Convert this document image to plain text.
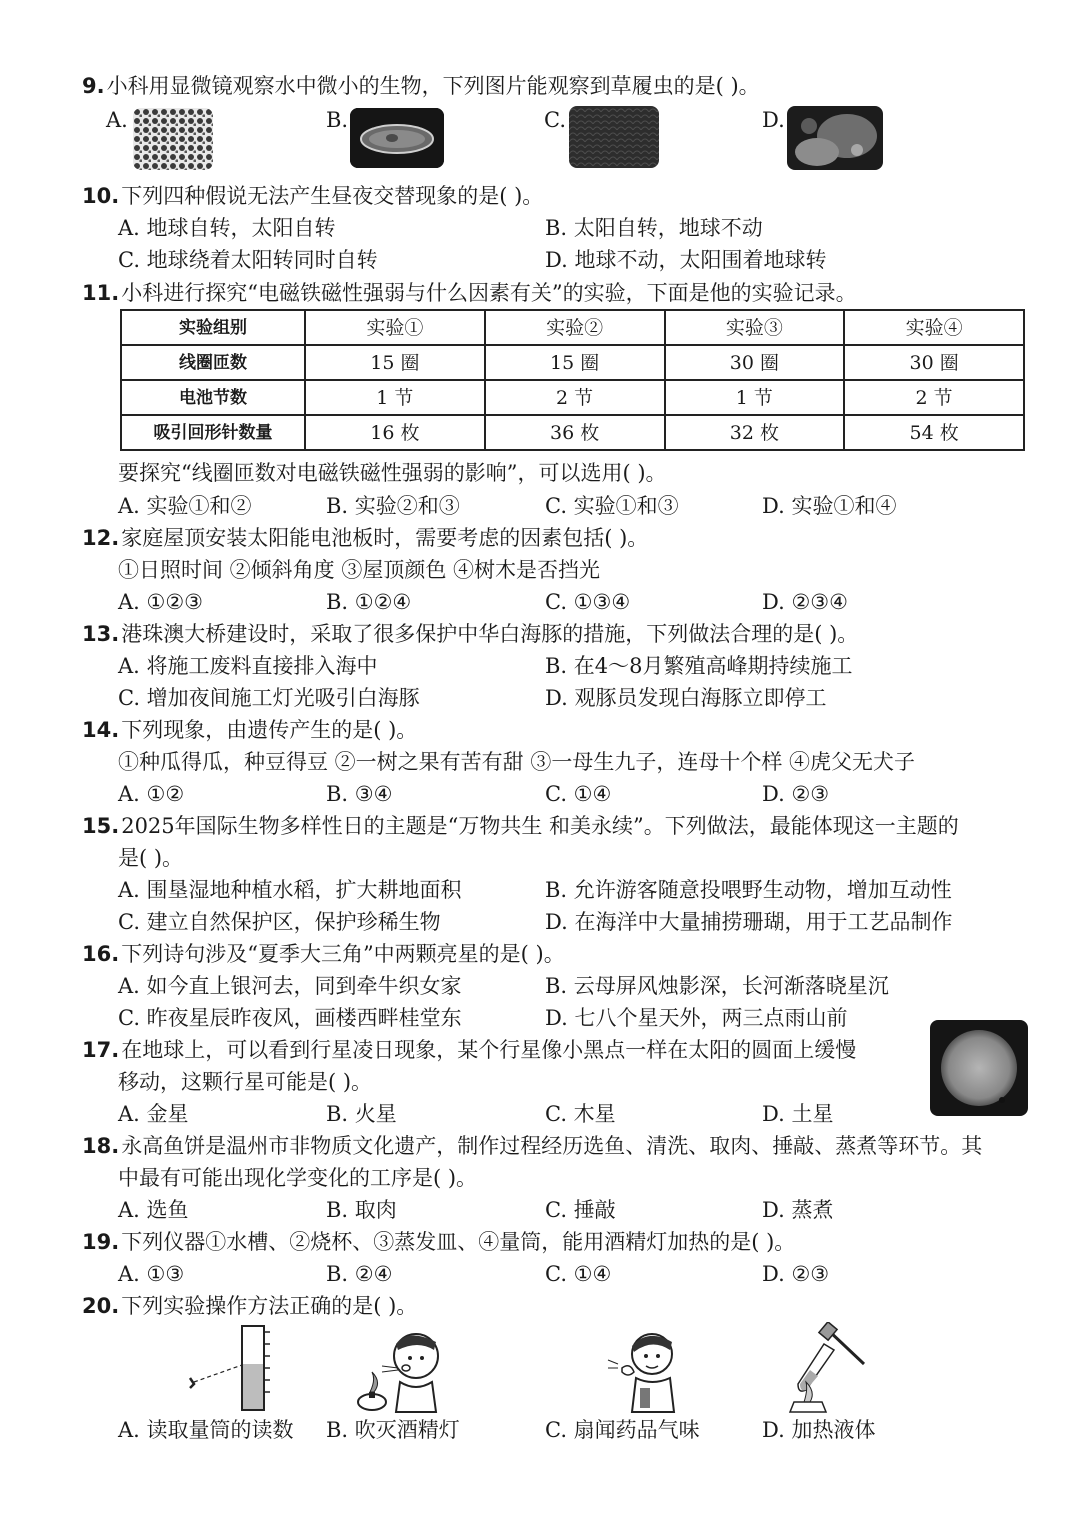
9.小科用显微镜观察水中微小的生物，下列图片能观察到草履虫的是( )。
A.	B.	C.	D.
10.下列四种假说无法产生昼夜交替现象的是( )。
A. 地球自转，太阳自转	B. 太阳自转，地球不动
C. 地球绕着太阳转同时自转	D. 地球不动，太阳围着地球转
11.小科进行探究“电磁铁磁性强弱与什么因素有关”的实验，下面是他的实验记录。
实验组别	实验①	实验②	实验③	实验④
线圈匝数	15 圈	15 圈	30 圈	30 圈
电池节数	1 节	2 节	1 节	2 节
吸引回形针数量	16 枚	36 枚	32 枚	54 枚
要探究“线圈匝数对电磁铁磁性强弱的影响”，可以选用( )。
A. 实验①和②	B. 实验②和③	C. 实验①和③	D. 实验①和④
12.家庭屋顶安装太阳能电池板时，需要考虑的因素包括( )。
①日照时间 ②倾斜角度 ③屋顶颜色 ④树木是否挡光
A. ①②③	B. ①②④	C. ①③④	D. ②③④
13.港珠澳大桥建设时，采取了很多保护中华白海豚的措施，下列做法合理的是( )。
A. 将施工废料直接排入海中	B. 在4～8月繁殖高峰期持续施工
C. 增加夜间施工灯光吸引白海豚	D. 观豚员发现白海豚立即停工
14.下列现象，由遗传产生的是( )。
①种瓜得瓜，种豆得豆 ②一树之果有苦有甜 ③一母生九子，连母十个样 ④虎父无犬子
A. ①②	B. ③④	C. ①④	D. ②③
15.2025年国际生物多样性日的主题是“万物共生 和美永续”。下列做法，最能体现这一主题的
是( )。
A. 围垦湿地种植水稻，扩大耕地面积	B. 允许游客随意投喂野生动物，增加互动性
C. 建立自然保护区，保护珍稀生物	D. 在海洋中大量捕捞珊瑚，用于工艺品制作
16.下列诗句涉及“夏季大三角”中两颗亮星的是( )。
A. 如今直上银河去，同到牵牛织女家	B. 云母屏风烛影深，长河渐落晓星沉
C. 昨夜星辰昨夜风，画楼西畔桂堂东	D. 七八个星天外，两三点雨山前
17.在地球上，可以看到行星凌日现象，某个行星像小黑点一样在太阳的圆面上缓慢
移动，这颗行星可能是( )。
A. 金星	B. 火星	C. 木星	D. 土星
18.永高鱼饼是温州市非物质文化遗产，制作过程经历选鱼、清洗、取肉、捶敲、蒸煮等环节。其
中最有可能出现化学变化的工序是( )。
A. 选鱼	B. 取肉	C. 捶敲	D. 蒸煮
19.下列仪器①水槽、②烧杯、③蒸发皿、④量筒，能用酒精灯加热的是( )。
A. ①③	B. ②④	C. ①④	D. ②③
20.下列实验操作方法正确的是( )。
A. 读取量筒的读数 B. 吹灭酒精灯	C. 扇闻药品气味	D. 加热液体
